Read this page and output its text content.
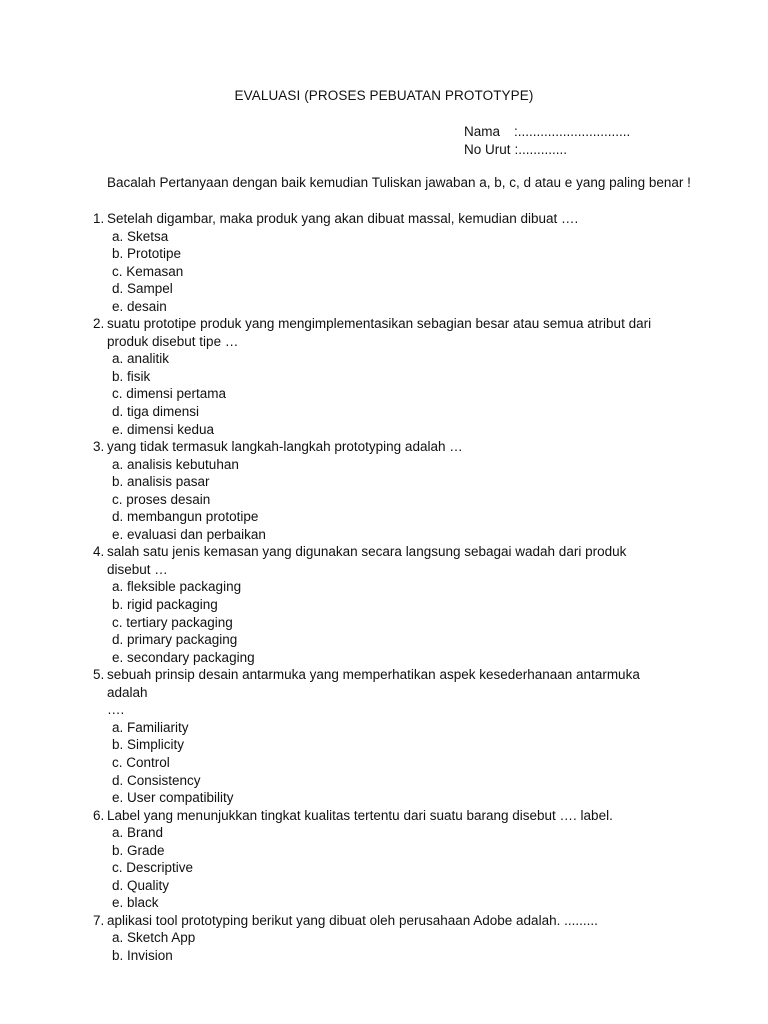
EVALUASI (PROSES PEBUATAN PROTOTYPE)
Nama	:..............................
No Urut :.............
Bacalah Pertanyaan dengan baik kemudian Tuliskan jawaban a, b, c, d atau e yang paling benar !
1. Setelah digambar, maka produk yang akan dibuat massal, kemudian dibuat ….
a. Sketsa
b. Prototipe
c. Kemasan
d. Sampel
e. desain
2. suatu prototipe produk yang mengimplementasikan sebagian besar atau semua atribut dari
produk disebut tipe …
a. analitik
b. fisik
c. dimensi pertama
d. tiga dimensi
e. dimensi kedua
3. yang tidak termasuk langkah-langkah prototyping adalah …
a. analisis kebutuhan
b. analisis pasar
c. proses desain
d. membangun prototipe
e. evaluasi dan perbaikan
4. salah satu jenis kemasan yang digunakan secara langsung sebagai wadah dari produk disebut …
a. fleksible packaging
b. rigid packaging
c. tertiary packaging
d. primary packaging
e. secondary packaging
5. sebuah prinsip desain antarmuka yang memperhatikan aspek kesederhanaan antarmuka adalah
….
a. Familiarity
b. Simplicity
c. Control
d. Consistency
e. User compatibility
6. Label yang menunjukkan tingkat kualitas tertentu dari suatu barang disebut …. label.
a. Brand
b. Grade
c. Descriptive
d. Quality
e. black
7. aplikasi tool prototyping berikut yang dibuat oleh perusahaan Adobe adalah. .........
a. Sketch App
b. Invision
